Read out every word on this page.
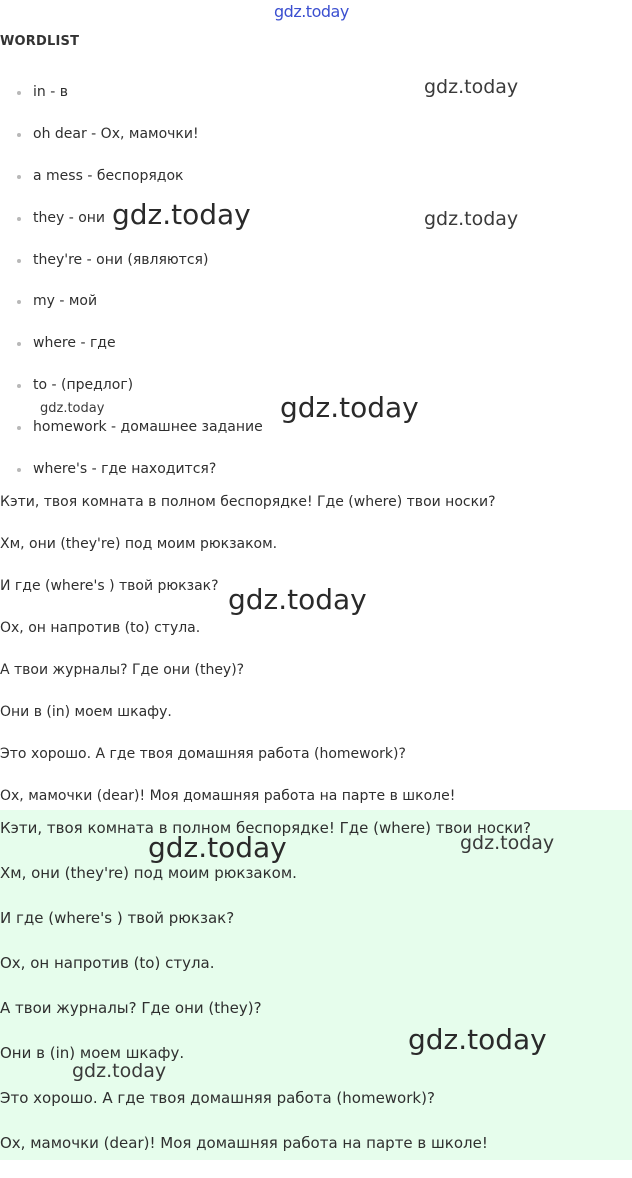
gdz.today
WORDLIST
in - в
oh dear - Ох, мамочки!
a mess - беспорядок
they - они
they're - они (являются)
my - мой
where - где
to - (предлог)
homework - домашнее задание
where's - где находится?
Кэти, твоя комната в полном беспорядке! Где (where) твои носки?
Хм, они (they're) под моим рюкзаком.
И где (where's ) твой рюкзак?
Ох, он напротив (to) стула.
А твои журналы? Где они (they)?
Они в (in) моем шкафу.
Это хорошо. А где твоя домашняя работа (homework)?
Ох, мамочки (dear)! Моя домашняя работа на парте в школе!
Кэти, твоя комната в полном беспорядке! Где (where) твои носки?
Хм, они (they're) под моим рюкзаком.
И где (where's ) твой рюкзак?
Ох, он напротив (to) стула.
А твои журналы? Где они (they)?
Они в (in) моем шкафу.
Это хорошо. А где твоя домашняя работа (homework)?
Ох, мамочки (dear)! Моя домашняя работа на парте в школе!
gdz.today
gdz.today	gdz.today
gdz.today	gdz.today
gdz.today
gdz.today	gdz.today
gdz.today
gdz.today
